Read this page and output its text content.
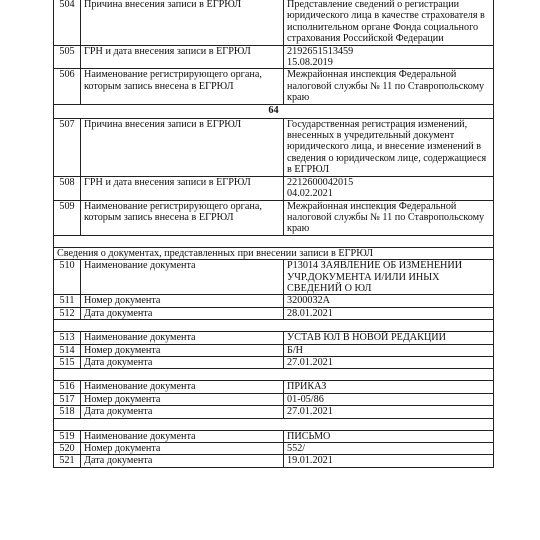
504	Причина внесения записи в ЕГРЮЛ	Представление сведений о регистрации юридического лица в качестве страхователя в исполнительном органе Фонда социального страхования Российской Федерации
505	ГРН и дата внесения записи в ЕГРЮЛ	2192651513459
15.08.2019
506	Наименование регистрирующего органа, которым запись внесена в ЕГРЮЛ	Межрайонная инспекция Федеральной налоговой службы № 11 по Ставропольскому краю
64		
507	Причина внесения записи в ЕГРЮЛ	Государственная регистрация изменений, внесенных в учредительный документ юридического лица, и внесение изменений в сведения о юридическом лице, содержащиеся в ЕГРЮЛ
508	ГРН и дата внесения записи в ЕГРЮЛ	2212600042015
04.02.2021
509	Наименование регистрирующего органа, которым запись внесена в ЕГРЮЛ	Межрайонная инспекция Федеральной налоговой службы № 11 по Ставропольскому краю

Сведения о документах, представленных при внесении записи в ЕГРЮЛ		
510	Наименование документа	Р13014 ЗАЯВЛЕНИЕ ОБ ИЗМЕНЕНИИ УЧР.ДОКУМЕНТА И/ИЛИ ИНЫХ СВЕДЕНИЙ О ЮЛ
511	Номер документа	3200032А
512	Дата документа	28.01.2021

513	Наименование документа	УСТАВ ЮЛ В НОВОЙ РЕДАКЦИИ
514	Номер документа	Б/Н
515	Дата документа	27.01.2021

516	Наименование документа	ПРИКАЗ
517	Номер документа	01-05/86
518	Дата документа	27.01.2021

519	Наименование документа	ПИСЬМО
520	Номер документа	552/
521	Дата документа	19.01.2021
